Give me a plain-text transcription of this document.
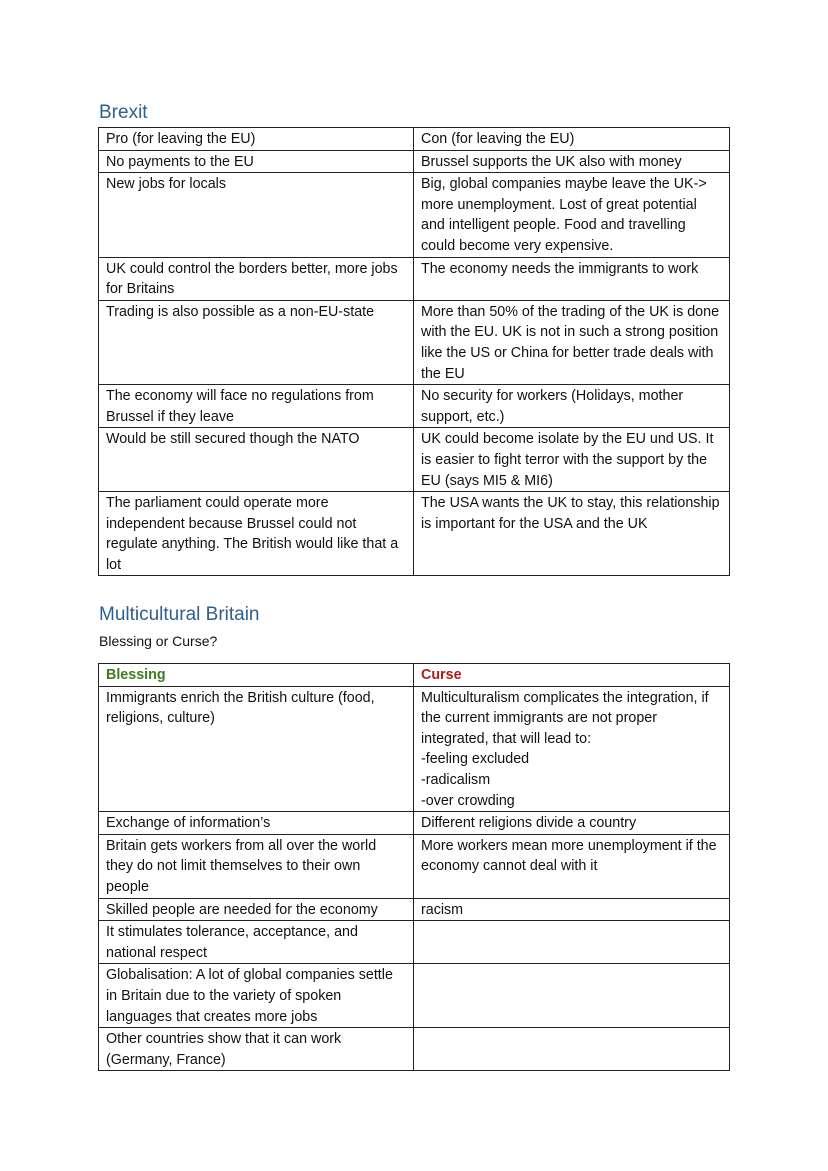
Brexit
Pro (for leaving the EU)	Con (for leaving the EU)
No payments to the EU	Brussel supports the UK also with money
New jobs for locals	Big, global companies maybe leave the UK-> more unemployment. Lost of great potential and intelligent people. Food and travelling could become very expensive.
UK could control the borders better, more jobs for Britains	The economy needs the immigrants to work
Trading is also possible as a non-EU-state	More than 50% of the trading of the UK is done with the EU. UK is not in such a strong position like the US or China for better trade deals with the EU
The economy will face no regulations from Brussel if they leave	No security for workers (Holidays, mother support, etc.)
Would be still secured though the NATO	UK could become isolate by the EU und US. It is easier to fight terror with the support by the EU (says MI5 & MI6)
The parliament could operate more independent because Brussel could not regulate anything. The British would like that a lot	The USA wants the UK to stay, this relationship is important for the USA and the UK
Multicultural Britain

Blessing or Curse?

Blessing	Curse
Immigrants enrich the British culture (food, religions, culture)	Multiculturalism complicates the integration, if the current immigrants are not proper integrated, that will lead to:
-feeling excluded
-radicalism
-over crowding

Exchange of information’s	Different religions divide a country

Britain gets workers from all over the world they do not limit themselves to their own people	More workers mean more unemployment if the economy cannot deal with it

Skilled people are needed for the economy	racism

It stimulates tolerance, acceptance, and national respect	
Globalisation: A lot of global companies settle in Britain due to the variety of spoken languages that creates more jobs	
Other countries show that it can work (Germany, France)	
